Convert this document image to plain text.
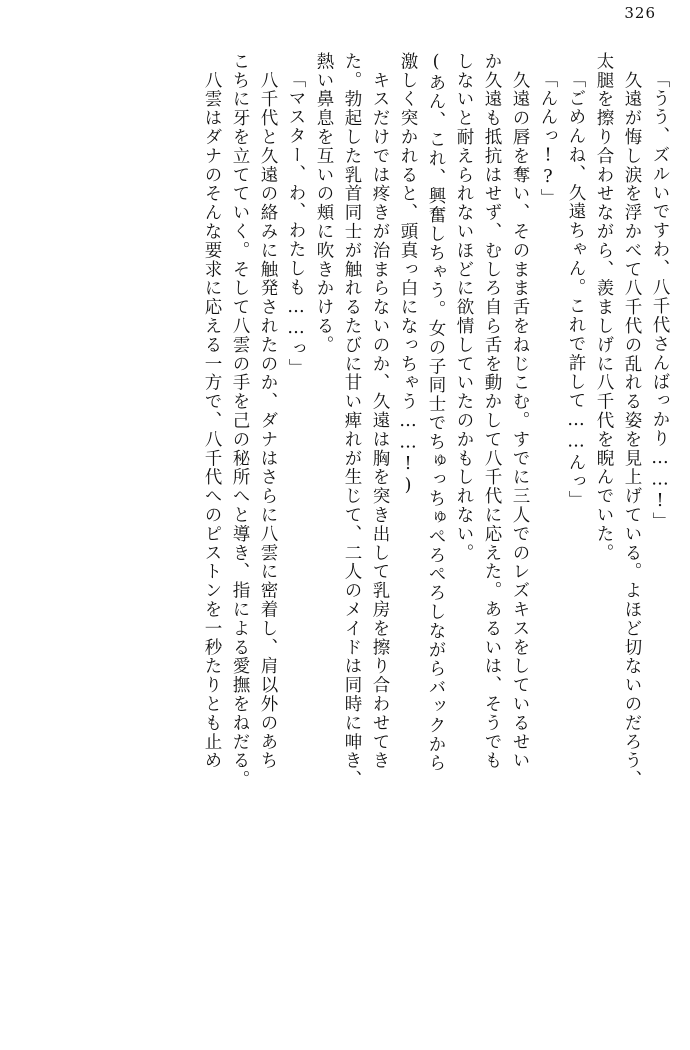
326
「うう、ズルいですわ、八千代さんばっかり……!」
　久遠が悔し涙を浮かべて八千代の乱れる姿を見上げている。よほど切ないのだろう、
太腿を擦り合わせながら、羨ましげに八千代を睨んでいた。
「ごめんね、久遠ちゃん。これで許して……んっ」
「んんっ!?」
　久遠の唇を奪い、そのまま舌をねじこむ。すでに三人でのレズキスをしているせい
か久遠も抵抗はせず、むしろ自ら舌を動かして八千代に応えた。あるいは、そうでも
しないと耐えられないほどに欲情していたのかもしれない。
(あん、これ、興奮しちゃう。女の子同士でちゅっちゅぺろぺろしながらバックから
激しく突かれると、頭真っ白になっちゃう……!)
　キスだけでは疼きが治まらないのか、久遠は胸を突き出して乳房を擦り合わせてき
た。勃起した乳首同士が触れるたびに甘い痺れが生じて、二人のメイドは同時に呻き、
熱い鼻息を互いの頬に吹きかける。
「マスター、わ、わたしも……っ」
　八千代と久遠の絡みに触発されたのか、ダナはさらに八雲に密着し、肩以外のあち
こちに牙を立てていく。そして八雲の手を己の秘所へと導き、指による愛撫をねだる。
　八雲はダナのそんな要求に応える一方で、八千代へのピストンを一秒たりとも止め
